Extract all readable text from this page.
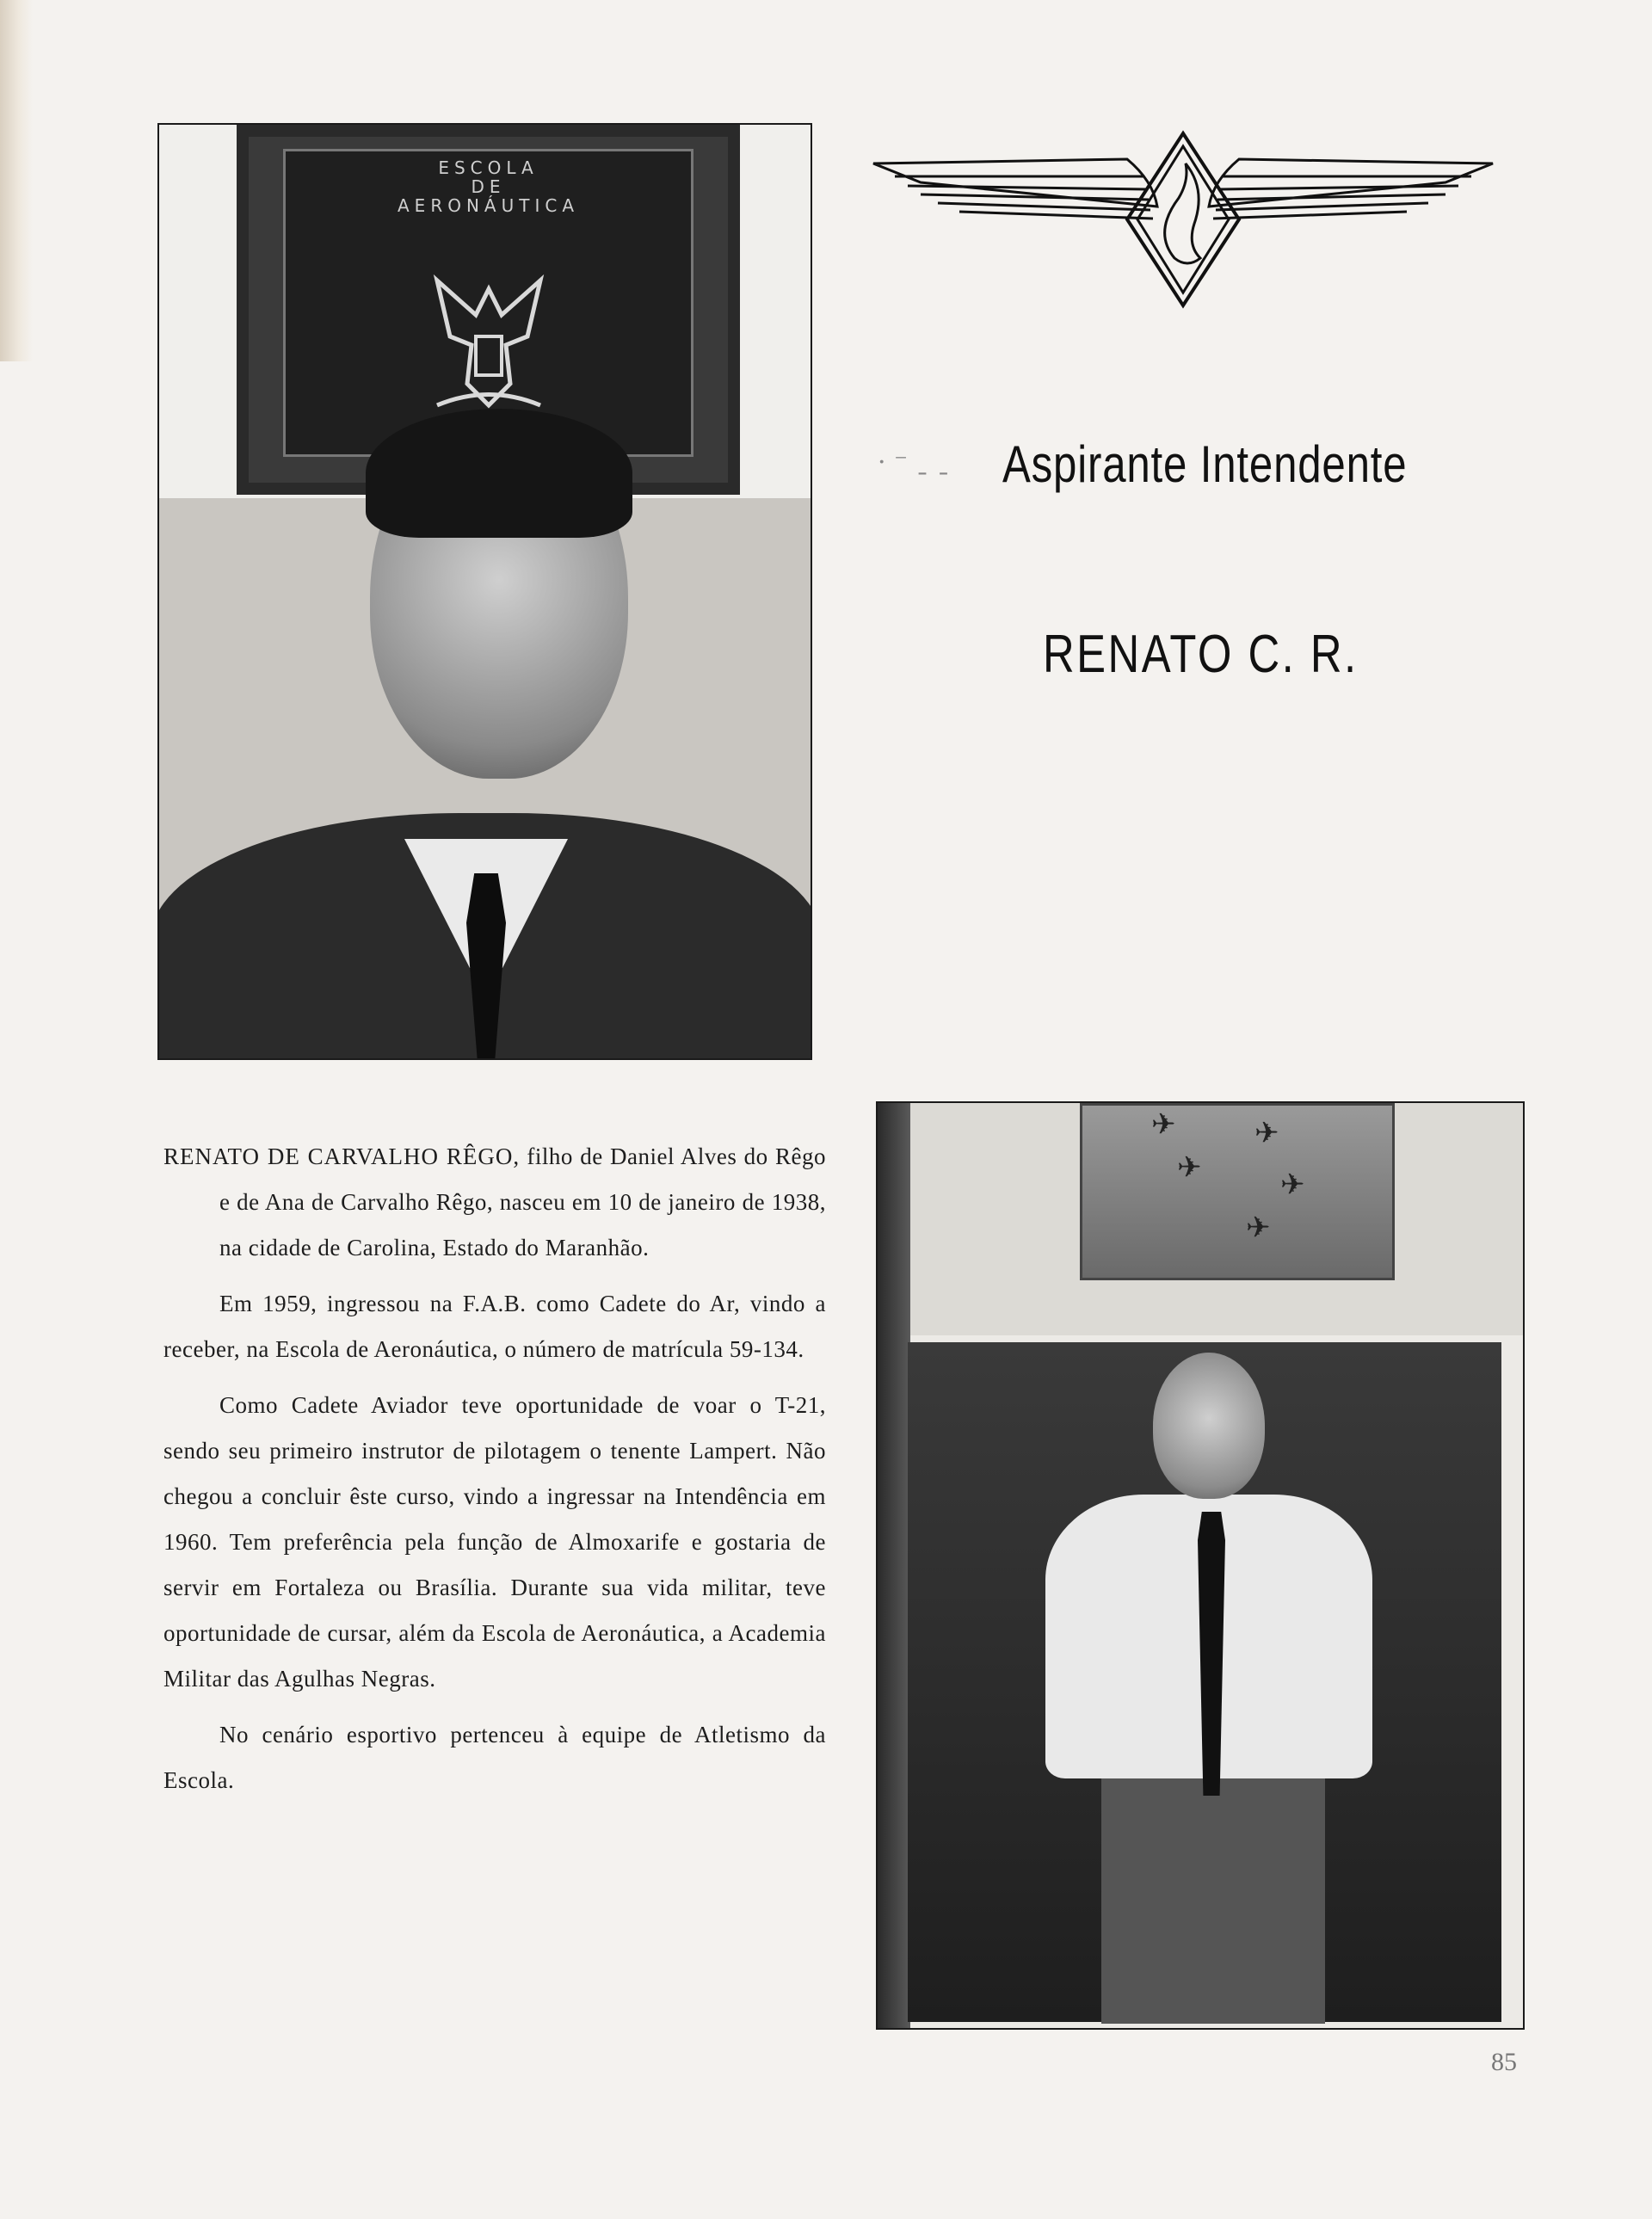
ESCOLA
DE
AERONÁUTICA
· ⁻ ˍ ˍ Aspirante Intendente
RENATO C. R.

RENATO DE CARVALHO RÊGO, filho de Daniel Alves do Rêgo e de Ana de Carvalho Rêgo, nasceu em 10 de janeiro de 1938, na cidade de Carolina, Estado do Maranhão.

Em 1959, ingressou na F.A.B. como Cadete do Ar, vindo a receber, na Escola de Aeronáutica, o número de matrícula 59-134.

Como Cadete Aviador teve oportunidade de voar o T-21, sendo seu primeiro instrutor de pilotagem o tenente Lampert. Não chegou a concluir êste curso, vindo a ingressar na Intendência em 1960. Tem preferência pela função de Almoxarife e gostaria de servir em Fortaleza ou Brasília. Durante sua vida militar, teve oportunidade de cursar, além da Escola de Aeronáutica, a Academia Militar das Agulhas Negras.

No cenário esportivo pertenceu à equipe de Atletismo da Escola.

✈	✈
✈	✈
✈
85
